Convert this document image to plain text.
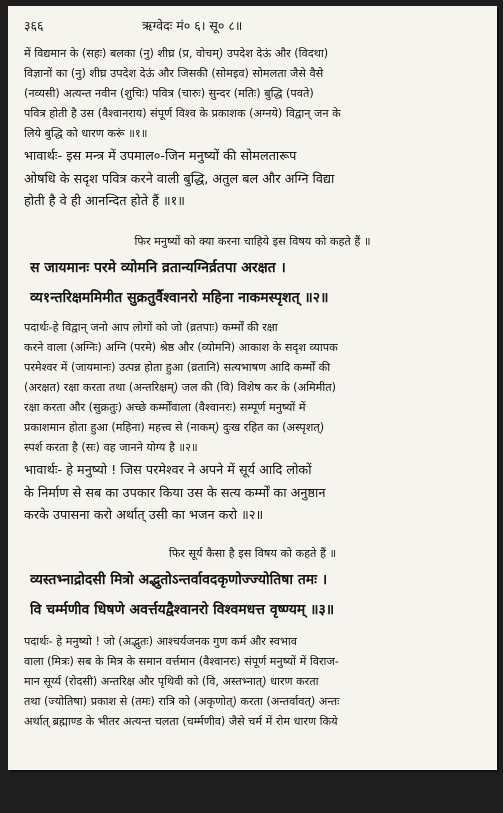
३६६	ऋग्वेदः मं० ६। सू० ८॥
में विद्यमान के (सहः) बलका (नु) शीघ्र (प्र, वोचम्) उपदेश देऊं और (विदथा)
विज्ञानों का (नु) शीघ्र उपदेश देऊं और जिसकी (सोमइव) सोमलता जैसे वैसे
(नव्यसी) अत्यन्त नवीन (शुचिः) पवित्र (चारुः) सुन्दर (मतिः) बुद्धि (पवते)
पवित्र होती है उस (वैश्वानराय) संपूर्ण विश्व के प्रकाशक (अग्नये) विद्वान् जन के
लिये बुद्धि को धारण करूं ॥१॥
भावार्थः- इस मन्त्र में उपमाल०-जिन मनुष्यों की सोमलतारूप
ओषधि के सदृश पवित्र करने वाली बुद्धि, अतुल बल और अग्नि विद्या
होती है वे ही आनन्दित होते हैं ॥१॥
फिर मनुष्यों को क्या करना चाहिये इस विषय को कहते हैं ॥
स जायमानः परमे व्योमनि व्रतान्यग्निर्व्रतपा अरक्षत ।
व्य१न्तरिक्षममिमीत सुक्रतुर्वैश्वानरो महिना नाकमस्पृशत् ॥२॥
पदार्थः-हे विद्वान् जनो आप लोगों को जो (व्रतपाः) कर्म्मों की रक्षा
करने वाला (अग्निः) अग्नि (परमे) श्रेष्ठ और (व्योमनि) आकाश के सदृश व्यापक
परमेश्वर में (जायमानः) उत्पन्न होता हुआ (व्रतानि) सत्यभाषण आदि कर्म्मों की
(अरक्षत) रक्षा करता तथा (अन्तरिक्षम्) जल की (वि) विशेष कर के (अमिमीत)
रक्षा करता और (सुक्रतुः) अच्छे कर्म्मोंवाला (वैश्वानरः) सम्पूर्ण मनुष्यों में
प्रकाशमान होता हुआ (महिना) महत्त्व से (नाकम्) दुःख रहित का (अस्पृशत्)
स्पर्श करता है (सः) वह जानने योग्य है ॥२॥
भावार्थः- हे मनुष्यो ! जिस परमेश्वर ने अपने में सूर्य आदि लोकों
के निर्माण से सब का उपकार किया उस के सत्य कर्म्मों का अनुष्ठान
करके उपासना करो अर्थात् उसी का भजन करो ॥२॥
फिर सूर्य कैसा है इस विषय को कहते हैं ॥
व्यस्तभ्नाद्रोदसी मित्रो अद्भुतोऽन्तर्वावदकृणोज्ज्योतिषा तमः ।
वि चर्म्मणीव धिषणे अवर्त्तयद्वैश्वानरो विश्वमधत्त वृष्ण्यम् ॥३॥
पदार्थः- हे मनुष्यो ! जो (अद्भुतः) आश्चर्यजनक गुण कर्म और स्वभाव
वाला (मित्रः) सब के मित्र के समान वर्त्तमान (वैश्वानरः) संपूर्ण मनुष्यों में विराज-
मान सूर्य्य (रोदसी) अन्तरिक्ष और पृथिवी को (वि, अस्तभ्नात्) धारण करता
तथा (ज्योतिषा) प्रकाश से (तमः) रात्रि को (अकृणोत्) करता (अन्तर्वावत्) अन्तः
अर्थात् ब्रह्माण्ड के भीतर अत्यन्त चलता (चर्म्मणीव) जैसे चर्म में रोम धारण किये
